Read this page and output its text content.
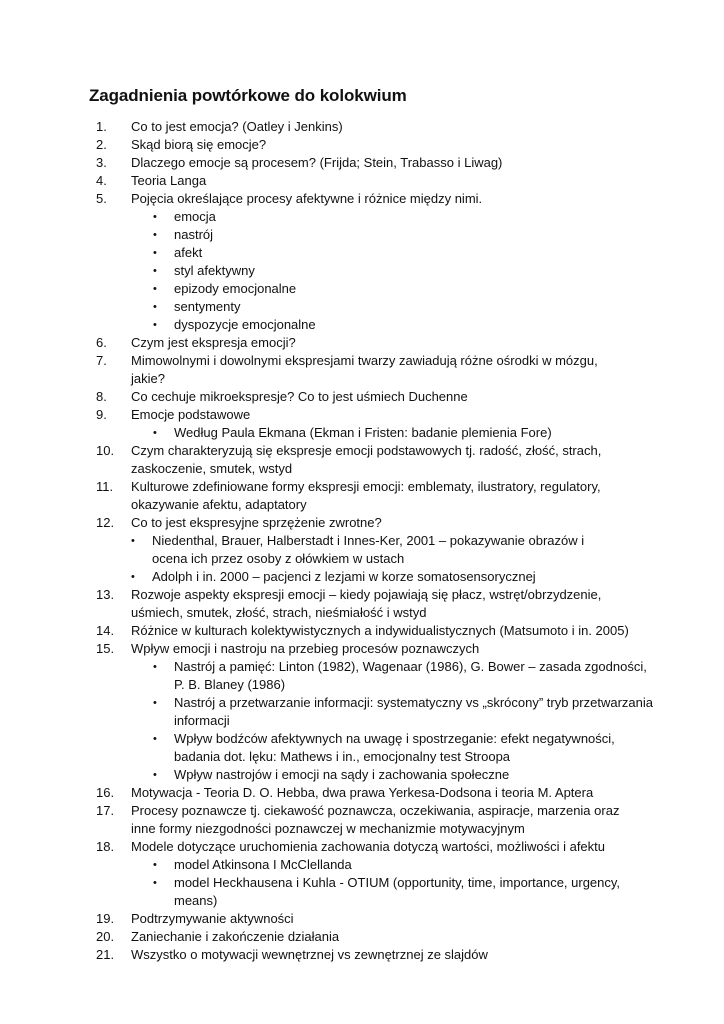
Zagadnienia powtórkowe do kolokwium
1.	Co to jest emocja? (Oatley i Jenkins)
2.	Skąd biorą się emocje?
3.	Dlaczego emocje są procesem? (Frijda; Stein, Trabasso i Liwag)
4.	Teoria Langa
5.	Pojęcia określające procesy afektywne i różnice między nimi.
• emocja
• nastrój
• afekt
• styl afektywny
• epizody emocjonalne
• sentymenty
• dyspozycje emocjonalne
6.	Czym jest ekspresja emocji?
7.	Mimowolnymi i dowolnymi ekspresjami twarzy zawiadują różne ośrodki w mózgu, jakie?
8.	Co cechuje mikroekspresje? Co to jest uśmiech Duchenne
9.	Emocje podstawowe
• Według Paula Ekmana (Ekman i Fristen: badanie plemienia Fore)
10.	Czym charakteryzują się ekspresje emocji podstawowych tj. radość, złość, strach, zaskoczenie, smutek, wstyd
11.	Kulturowe zdefiniowane formy ekspresji emocji: emblematy, ilustratory, regulatory, okazywanie afektu, adaptatory
12.	Co to jest ekspresyjne sprzężenie zwrotne?
• Niedenthal, Brauer, Halberstadt i Innes-Ker, 2001 – pokazywanie obrazów i ocena ich przez osoby z ołówkiem w ustach
• Adolph i in. 2000 – pacjenci z lezjami w korze somatosensorycznej
13.	Rozwoje aspekty ekspresji emocji – kiedy pojawiają się płacz, wstręt/obrzydzenie, uśmiech, smutek, złość, strach, nieśmiałość i wstyd
14.	Różnice w kulturach kolektywistycznych a indywidualistycznych (Matsumoto i in. 2005)
15.	Wpływ emocji i nastroju na przebieg procesów poznawczych
• Nastrój a pamięć: Linton (1982), Wagenaar (1986), G. Bower – zasada zgodności, P. B. Blaney (1986)
• Nastrój a przetwarzanie informacji: systematyczny vs „skrócony” tryb przetwarzania informacji
• Wpływ bodźców afektywnych na uwagę i spostrzeganie: efekt negatywności, badania dot. lęku: Mathews i in., emocjonalny test Stroopa
• Wpływ nastrojów i emocji na sądy i zachowania społeczne
16.	Motywacja - Teoria D. O. Hebba, dwa prawa Yerkesa-Dodsona i teoria M. Aptera
17.	Procesy poznawcze tj. ciekawość poznawcza, oczekiwania, aspiracje, marzenia oraz inne formy niezgodności poznawczej w mechanizmie motywacyjnym
18.	Modele dotyczące uruchomienia zachowania dotyczą wartości, możliwości i afektu
• model Atkinsona I McClellanda
• model Heckhausena i Kuhla - OTIUM (opportunity, time, importance, urgency, means)
19.	Podtrzymywanie aktywności
20.	Zaniechanie i zakończenie działania
21.	Wszystko o motywacji wewnętrznej vs zewnętrznej ze slajdów
